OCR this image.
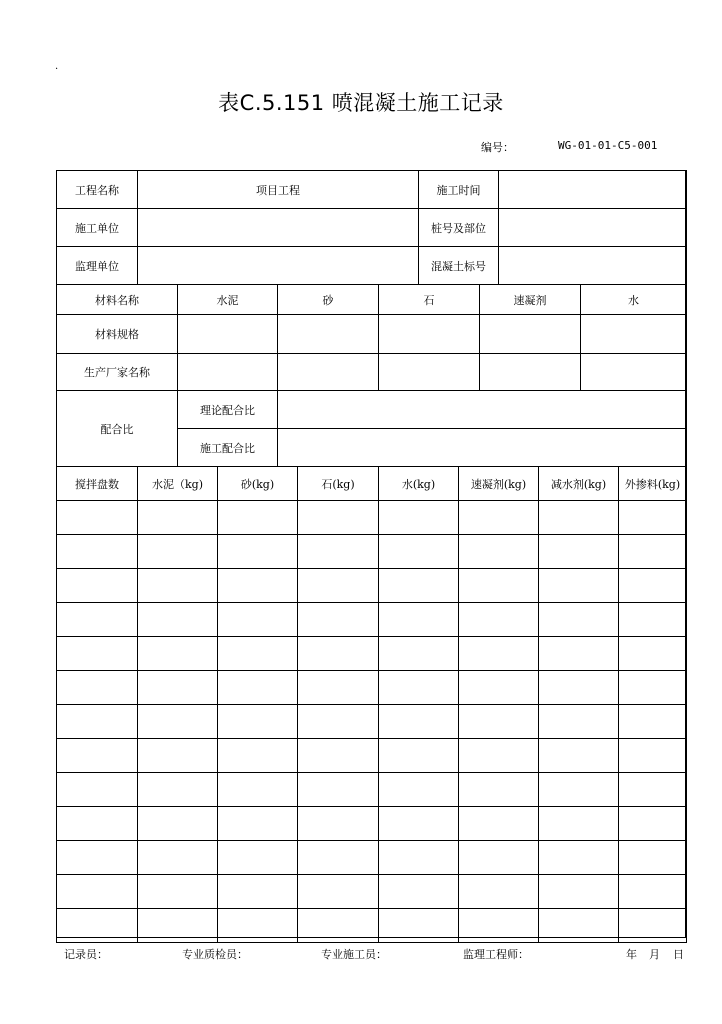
.
表C.5.151 喷混凝土施工记录
编号：	WG-01-01-C5-001
工程名称	项目工程	施工时间	
施工单位		桩号及部位	
监理单位		混凝土标号	
材料名称	水泥	砂	石	速凝剂	水
材料规格					
生产厂家名称					
配合比	理论配合比				
	施工配合比				
搅拌盘数	水泥（kg)	砂(kg)	石(kg)	水(kg)	速凝剂(kg)	减水剂(kg)	外掺料(kg)

记录员：	专业质检员：	专业施工员：	监理工程师：	年 月 日
